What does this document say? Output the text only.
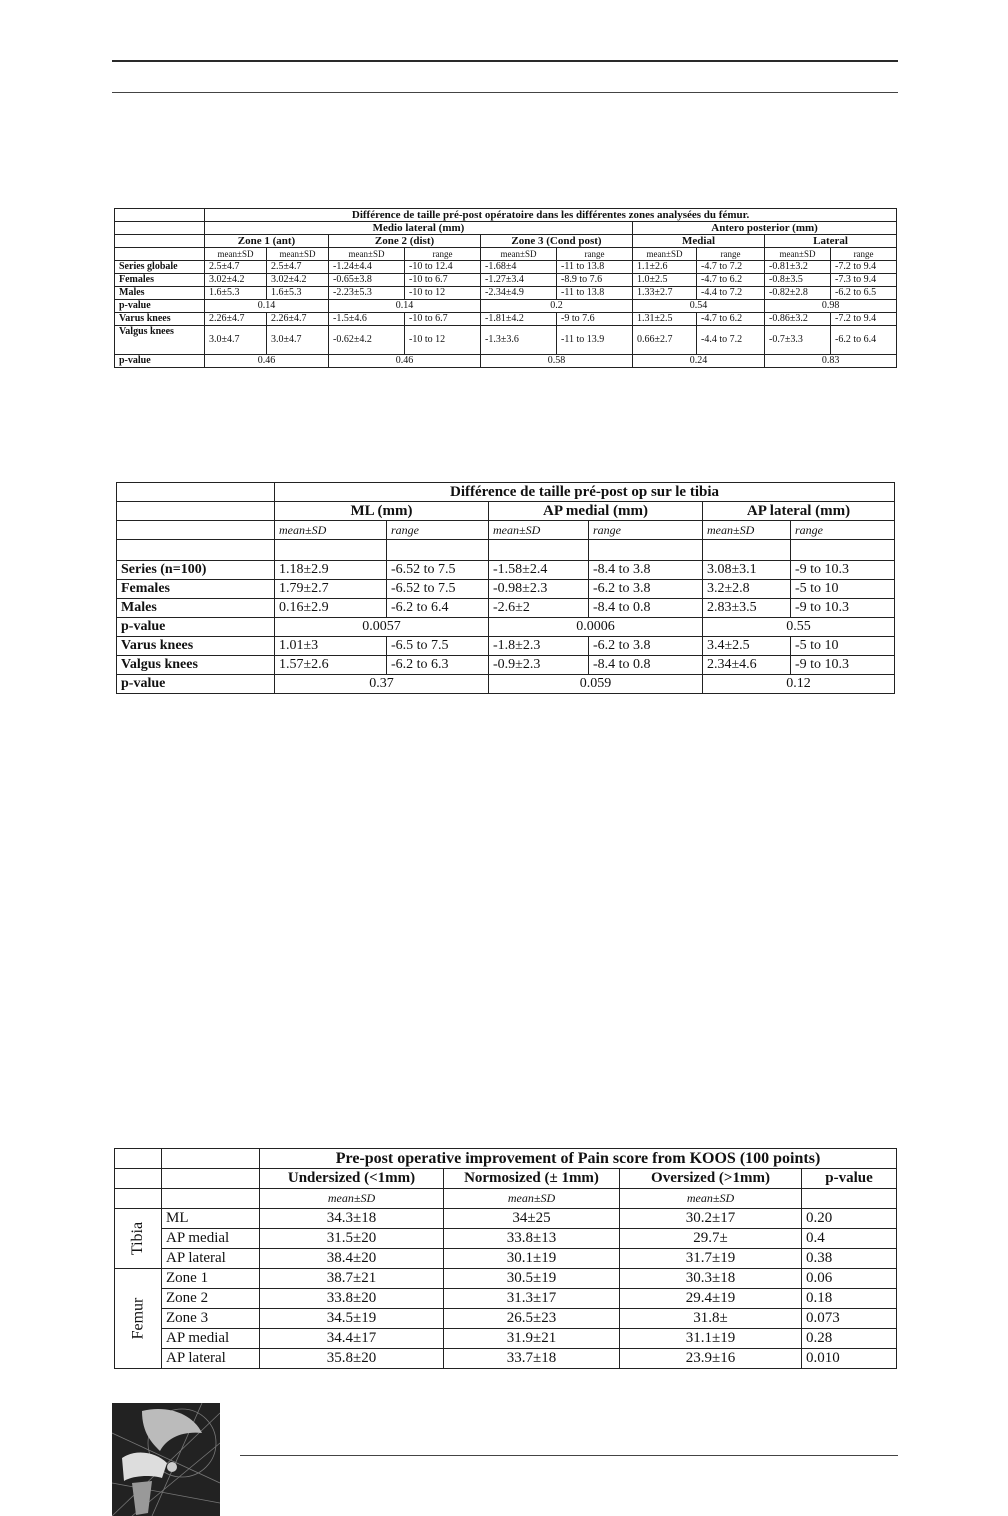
	Différence de taille pré-post opératoire dans les différentes zones analysées du fémur.									
	Medio lateral (mm)						Antero posterior (mm)			
	Zone 1 (ant)		Zone 2 (dist)		Zone 3 (Cond post)		Medial		Lateral	
	mean±SD	mean±SD	mean±SD	range	mean±SD	range	mean±SD	range	mean±SD	range
Series globale	2.5±4.7	2.5±4.7	-1.24±4.4	-10 to 12.4	-1.68±4	-11 to 13.8	1.1±2.6	-4.7 to 7.2	-0.81±3.2	-7.2 to 9.4
Females	3.02±4.2	3.02±4.2	-0.65±3.8	-10 to 6.7	-1.27±3.4	-8.9 to 7.6	1.0±2.5	-4.7 to 6.2	-0.8±3.5	-7.3 to 9.4
Males	1.6±5.3	1.6±5.3	-2.23±5.3	-10 to 12	-2.34±4.9	-11 to 13.8	1.33±2.7	-4.4 to 7.2	-0.82±2.8	-6.2 to 6.5
p-value	0.14		0.14		0.2		0.54		0.98	
Varus knees	2.26±4.7	2.26±4.7	-1.5±4.6	-10 to 6.7	-1.81±4.2	-9 to 7.6	1.31±2.5	-4.7 to 6.2	-0.86±3.2	-7.2 to 9.4
Valgus knees	3.0±4.7	3.0±4.7	-0.62±4.2	-10 to 12	-1.3±3.6	-11 to 13.9	0.66±2.7	-4.4 to 7.2	-0.7±3.3	-6.2 to 6.4
p-value	0.46		0.46		0.58		0.24		0.83	
	Différence de taille pré-post op sur le tibia					
	ML (mm)		AP medial (mm)		AP lateral (mm)	
	mean±SD	range	mean±SD	range	mean±SD	range

Series (n=100)	1.18±2.9	-6.52 to 7.5	-1.58±2.4	-8.4 to 3.8	3.08±3.1	-9 to 10.3
Females	1.79±2.7	-6.52 to 7.5	-0.98±2.3	-6.2 to 3.8	3.2±2.8	-5 to 10
Males	0.16±2.9	-6.2 to 6.4	-2.6±2	-8.4 to 0.8	2.83±3.5	-9 to 10.3
p-value	0.0057		0.0006		0.55	
Varus knees	1.01±3	-6.5 to 7.5	-1.8±2.3	-6.2 to 3.8	3.4±2.5	-5 to 10
Valgus knees	1.57±2.6	-6.2 to 6.3	-0.9±2.3	-8.4 to 0.8	2.34±4.6	-9 to 10.3
p-value	0.37		0.059		0.12	
		Pre-post operative improvement of Pain score from KOOS (100 points)			
		Undersized (<1mm)	Normosized (± 1mm)	Oversized (>1mm)	p-value
		mean±SD	mean±SD	mean±SD	
Tibia	ML	34.3±18	34±25	30.2±17	0.20
	AP medial	31.5±20	33.8±13	29.7±	0.4
	AP lateral	38.4±20	30.1±19	31.7±19	0.38
Femur	Zone 1	38.7±21	30.5±19	30.3±18	0.06
	Zone 2	33.8±20	31.3±17	29.4±19	0.18
	Zone 3	34.5±19	26.5±23	31.8±	0.073
	AP medial	34.4±17	31.9±21	31.1±19	0.28
	AP lateral	35.8±20	33.7±18	23.9±16	0.010
